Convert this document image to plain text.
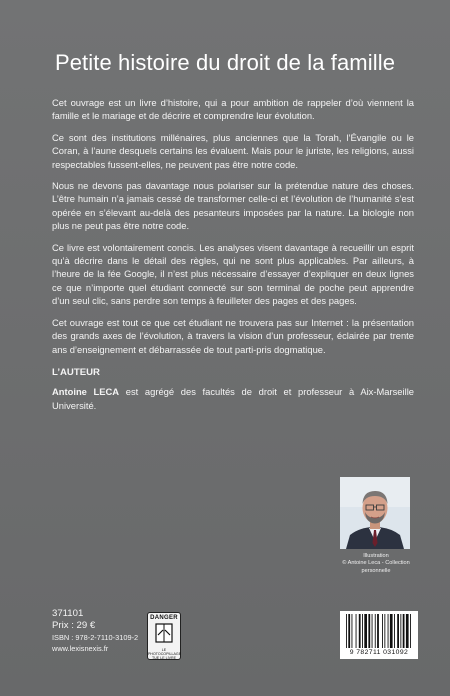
Petite histoire du droit de la famille

Cet ouvrage est un livre d’histoire, qui a pour ambition de rappeler d’où viennent la famille et le mariage et de décrire et comprendre leur évolution.

Ce sont des institutions millénaires, plus anciennes que la Torah, l’Évangile ou le Coran, à l’aune desquels certains les évaluent. Mais pour le juriste, les religions, aussi respectables fussent-elles, ne peuvent pas être notre code.

Nous ne devons pas davantage nous polariser sur la prétendue nature des choses. L’être humain n’a jamais cessé de transformer celle-ci et l’évolution de l’humanité s’est opérée en s’élevant au-delà des pesanteurs imposées par la nature. La biologie non plus ne peut pas être notre code.

Ce livre est volontairement concis. Les analyses visent davantage à recueillir un esprit qu’à décrire dans le détail des règles, qui ne sont plus applicables. Par ailleurs, à l’heure de la fée Google, il n’est plus nécessaire d’essayer d’expliquer en deux lignes ce que n’importe quel étudiant connecté sur son terminal de poche peut apprendre d’un seul clic, sans perdre son temps à feuilleter des pages et des pages.

Cet ouvrage est tout ce que cet étudiant ne trouvera pas sur Internet : la présentation des grands axes de l’évolution, à travers la vision d’un professeur, éclairée par trente ans d’enseignement et débarrassée de tout parti-pris dogmatique.

L’AUTEUR

Antoine LECA est agrégé des facultés de droit et professeur à Aix-Marseille Université.

Illustration
© Antoine Leca - Collection personnelle
371101
Prix : 29 €
ISBN : 978-2-7110-3109-2
www.lexisnexis.fr
DANGER
LE PHOTOCOPILLAGE TUE LE LIVRE
9 782711 031092
